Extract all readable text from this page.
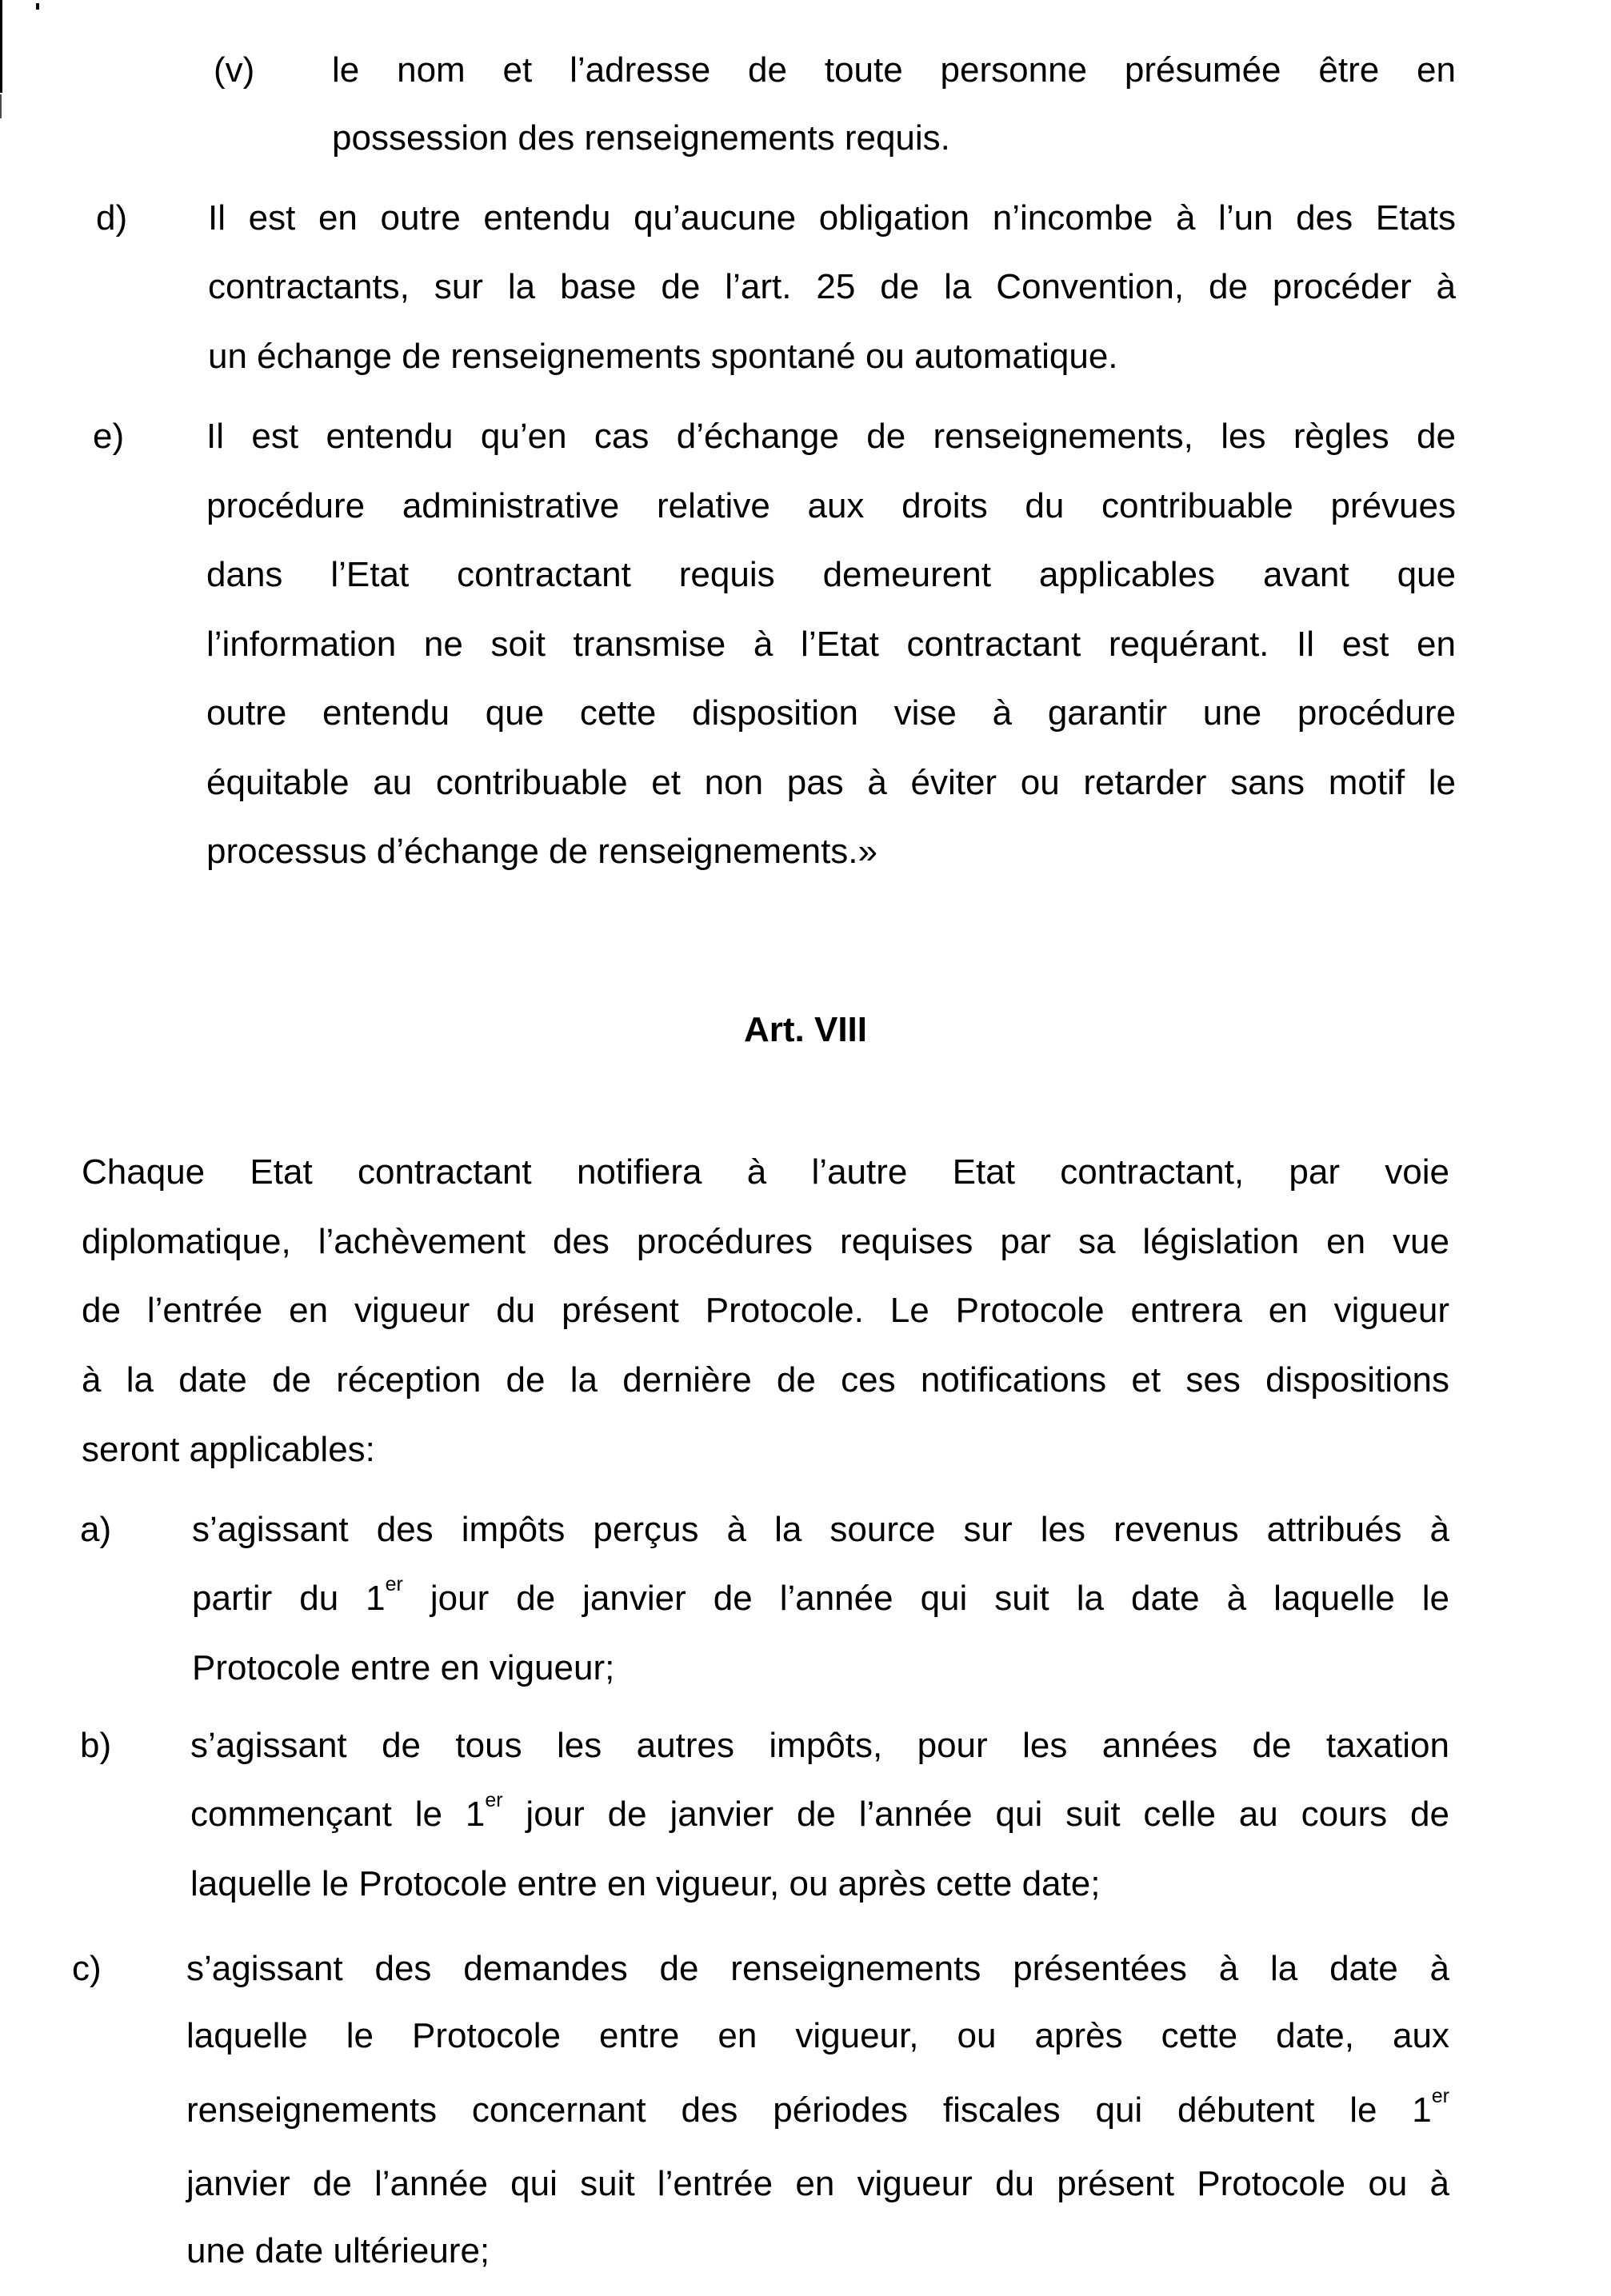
(v)
d)
e)
Art. VIII
a)
b)
c)
le nom et l’adresse de toute personne présumée être en
possession des renseignements requis.
Il est en outre entendu qu’aucune obligation n’incombe à l’un des Etats
contractants, sur la base de l’art. 25 de la Convention, de procéder à
un échange de renseignements spontané ou automatique.
Il est entendu qu’en cas d’échange de renseignements, les règles de
procédure administrative relative aux droits du contribuable prévues
dans l’Etat contractant requis demeurent applicables avant que
l’information ne soit transmise à l’Etat contractant requérant. Il est en
outre entendu que cette disposition vise à garantir une procédure
équitable au contribuable et non pas à éviter ou retarder sans motif le
processus d’échange de renseignements.»
Chaque Etat contractant notifiera à l’autre Etat contractant, par voie
diplomatique, l’achèvement des procédures requises par sa législation en vue
de l’entrée en vigueur du présent Protocole. Le Protocole entrera en vigueur
à la date de réception de la dernière de ces notifications et ses dispositions
seront applicables:
s’agissant des impôts perçus à la source sur les revenus attribués à
partir du 1er jour de janvier de l’année qui suit la date à laquelle le
Protocole entre en vigueur;
s’agissant de tous les autres impôts, pour les années de taxation
commençant le 1er jour de janvier de l’année qui suit celle au cours de
laquelle le Protocole entre en vigueur, ou après cette date;
s’agissant des demandes de renseignements présentées à la date à
laquelle le Protocole entre en vigueur, ou après cette date, aux
renseignements concernant des périodes fiscales qui débutent le 1er
janvier de l’année qui suit l’entrée en vigueur du présent Protocole ou à
une date ultérieure;
